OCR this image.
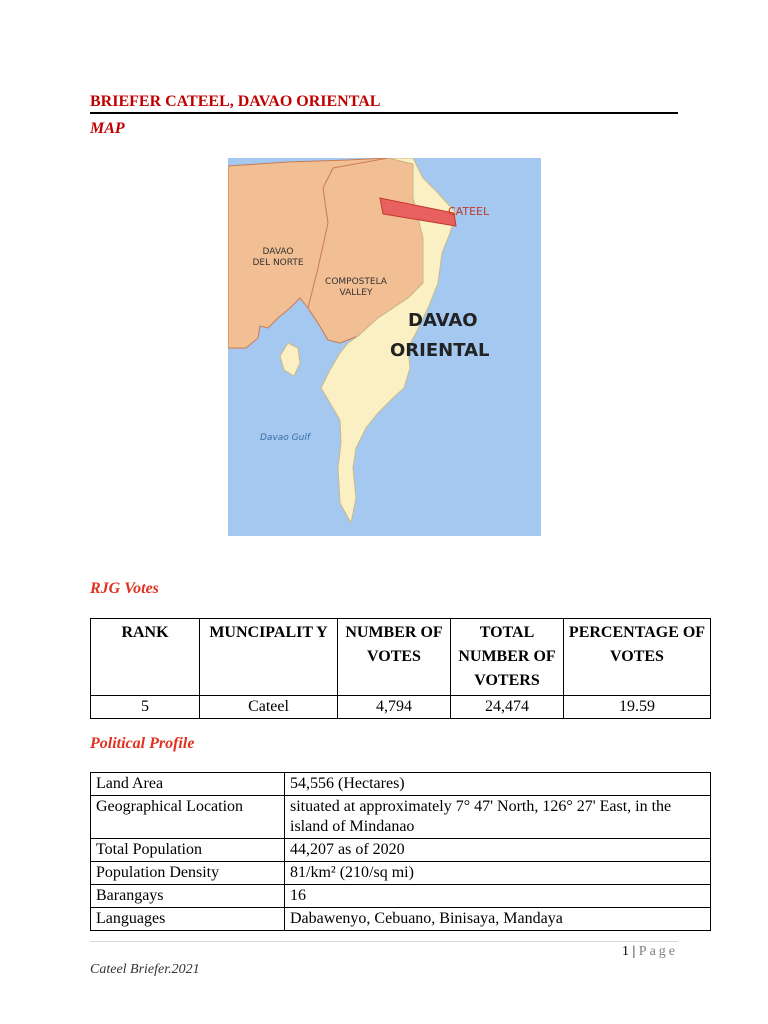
BRIEFER CATEEL, DAVAO ORIENTAL
MAP
CATEEL
DAVAO
DEL NORTE
COMPOSTELA
VALLEY
DAVAO
ORIENTAL
Davao Gulf
RJG Votes
RANK	MUNCIPALIT Y	NUMBER OF VOTES	TOTAL NUMBER OF VOTERS	PERCENTAGE OF VOTES
5	Cateel	4,794	24,474	19.59
Political Profile
Land Area	54,556 (Hectares)
Geographical Location	situated at approximately 7° 47' North, 126° 27' East, in the island of Mindanao
Total Population	44,207 as of 2020
Population Density	81/km² (210/sq mi)
Barangays	16
Languages	Dabawenyo, Cebuano, Binisaya, Mandaya
1 | Page
Cateel Briefer.2021
